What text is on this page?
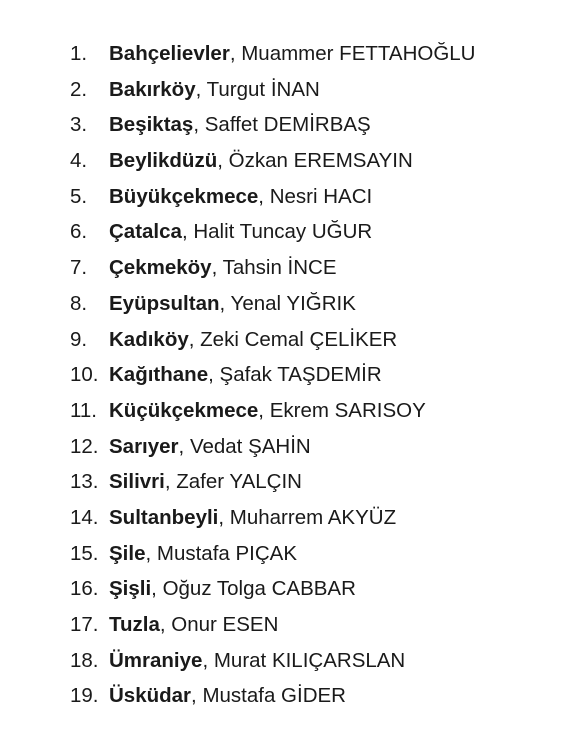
1.	Bahçelievler, Muammer FETTAHOĞLU
2.	Bakırköy, Turgut İNAN
3.	Beşiktaş, Saffet DEMİRBAŞ
4.	Beylikdüzü, Özkan EREMSAYIN
5.	Büyükçekmece, Nesri HACI
6.	Çatalca, Halit Tuncay UĞUR
7.	Çekmeköy, Tahsin İNCE
8.	Eyüpsultan, Yenal YIĞRIK
9.	Kadıköy, Zeki Cemal ÇELİKER
10. Kağıthane, Şafak TAŞDEMİR
11. Küçükçekmece, Ekrem SARISOY
12. Sarıyer, Vedat ŞAHİN
13. Silivri, Zafer YALÇIN
14. Sultanbeyli, Muharrem AKYÜZ
15. Şile, Mustafa PIÇAK
16. Şişli, Oğuz Tolga CABBAR
17. Tuzla, Onur ESEN
18. Ümraniye, Murat KILIÇARSLAN
19. Üsküdar, Mustafa GİDER
